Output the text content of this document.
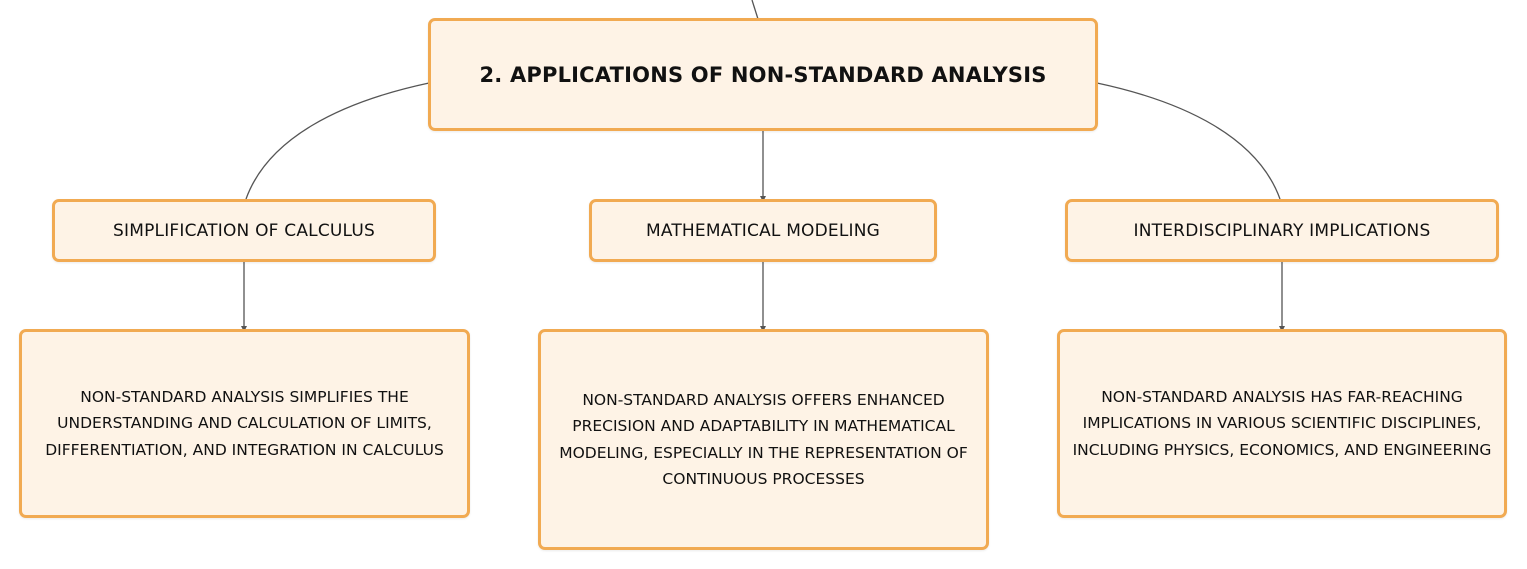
2. APPLICATIONS OF NON-STANDARD ANALYSIS
SIMPLIFICATION OF CALCULUS	MATHEMATICAL MODELING	INTERDISCIPLINARY IMPLICATIONS
NON-STANDARD ANALYSIS SIMPLIFIES THE UNDERSTANDING AND CALCULATION OF LIMITS, DIFFERENTIATION, AND INTEGRATION IN CALCULUS
NON-STANDARD ANALYSIS OFFERS ENHANCED PRECISION AND ADAPTABILITY IN MATHEMATICAL MODELING, ESPECIALLY IN THE REPRESENTATION OF CONTINUOUS PROCESSES
NON-STANDARD ANALYSIS HAS FAR-REACHING IMPLICATIONS IN VARIOUS SCIENTIFIC DISCIPLINES, INCLUDING PHYSICS, ECONOMICS, AND ENGINEERING
